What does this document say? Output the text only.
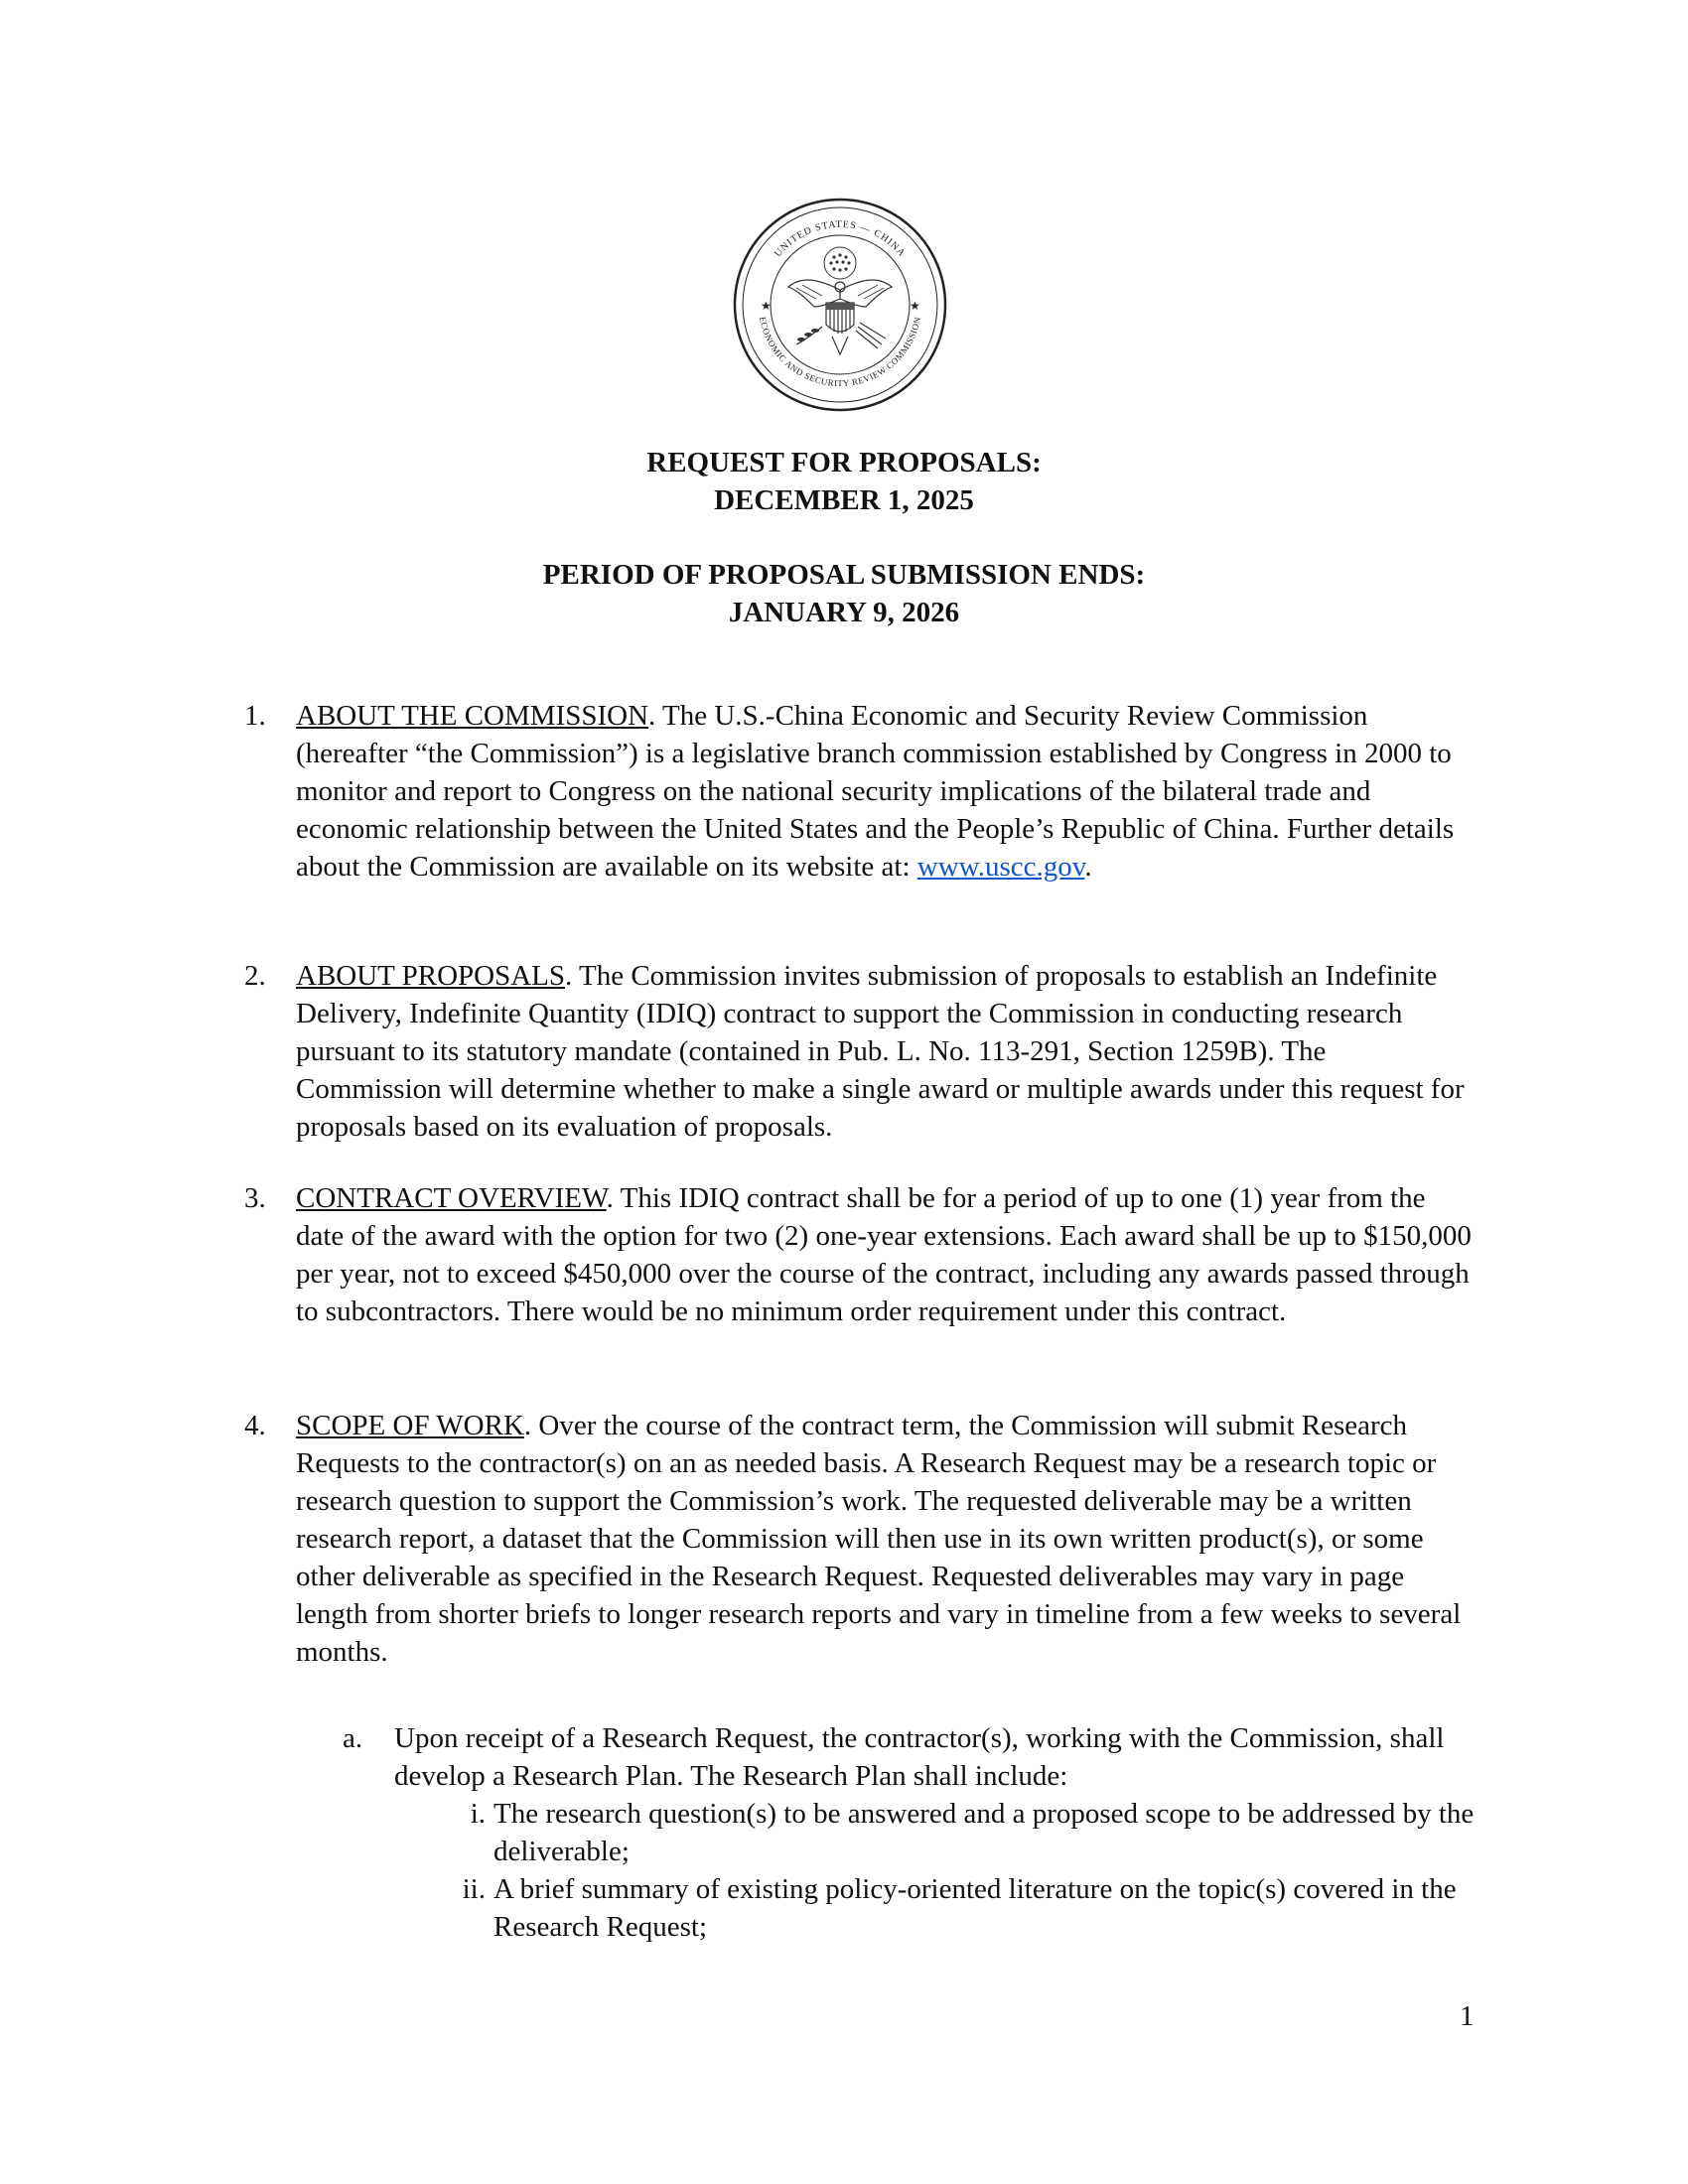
UNITED STATES — CHINA
ECONOMIC AND SECURITY REVIEW COMMISSION
★	★
REQUEST FOR PROPOSALS:
DECEMBER 1, 2025
PERIOD OF PROPOSAL SUBMISSION ENDS:
JANUARY 9, 2026
1.	ABOUT THE COMMISSION. The U.S.-China Economic and Security Review Commission (hereafter “the Commission”) is a legislative branch commission established by Congress in 2000 to monitor and report to Congress on the national security implications of the bilateral trade and economic relationship between the United States and the People’s Republic of China. Further details about the Commission are available on its website at: www.uscc.gov.
2.	ABOUT PROPOSALS. The Commission invites submission of proposals to establish an Indefinite Delivery, Indefinite Quantity (IDIQ) contract to support the Commission in conducting research pursuant to its statutory mandate (contained in Pub. L. No. 113-291, Section 1259B). The Commission will determine whether to make a single award or multiple awards under this request for proposals based on its evaluation of proposals.
3.	CONTRACT OVERVIEW. This IDIQ contract shall be for a period of up to one (1) year from the date of the award with the option for two (2) one-year extensions. Each award shall be up to $150,000 per year, not to exceed $450,000 over the course of the contract, including any awards passed through to subcontractors. There would be no minimum order requirement under this contract.
4.	SCOPE OF WORK. Over the course of the contract term, the Commission will submit Research Requests to the contractor(s) on an as needed basis. A Research Request may be a research topic or research question to support the Commission’s work. The requested deliverable may be a written research report, a dataset that the Commission will then use in its own written product(s), or some other deliverable as specified in the Research Request. Requested deliverables may vary in page length from shorter briefs to longer research reports and vary in timeline from a few weeks to several months.
a. Upon receipt of a Research Request, the contractor(s), working with the Commission, shall develop a Research Plan. The Research Plan shall include:
i. The research question(s) to be answered and a proposed scope to be addressed by the deliverable;
ii. A brief summary of existing policy-oriented literature on the topic(s) covered in the Research Request;
1
